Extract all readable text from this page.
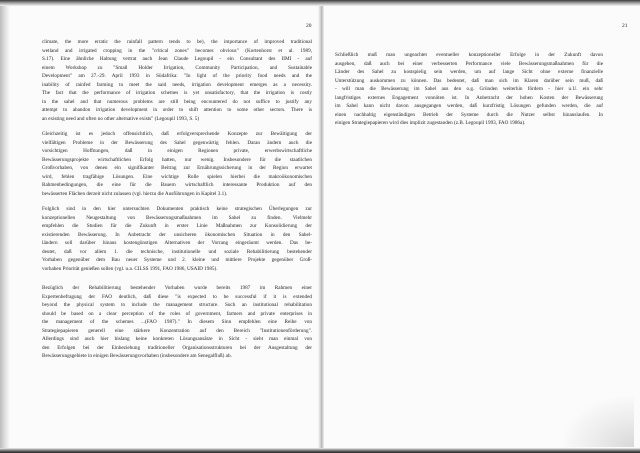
20

climate, the more erratic the rainfall pattern tends to be), the importance of improved traditional
wetland and irrigated cropping in the "critical zones" becomes obvious" (Kortenhorst et al. 1989,
S.17). Eine ähnliche Haltung vertrat auch Jean Claude Legoupil - ein Consultant des IIMI - auf
einem Workshop zu "Small Holder Irrigation, Community Participation, and Sustainable
Development" am 27.-29. April 1993 in Südafrika: "In light of the priority food needs and the
inability of rainfed farming to meet the said needs, irrigation development emerges as a necessity.
The fact that the performance of irrigation schemes is yet unsatisfactory, that the irrigation is costly
in the sahel and that numerous problems are still being encountered do not suffice to justify any
attempt to abandon irrigation development in order to shift attention to some other sectors. There is
an existing need and often no other alternative exists" (Legoupil 1993, S. 5)

Gleichzeitig ist es jedoch offensichtlich, daß erfolgversprechende Konzepte zur Bewältigung der
vielfältigen Probleme in der Bewässerung des Sahel gegenwärtig fehlen. Daran ändern auch die
vorsichtigen Hoffnungen, daß in einigen Regionen private, erwerbswirtschaftliche
Bewässerungsprojekte wirtschaftlichen Erfolg hatten, nur wenig. Insbesondere für die staatlichen
Großvorhaben, von denen ein signifikanter Beitrag zur Ernährungssicherung in der Region erwartet
wird, fehlen tragfähige Lösungen. Eine wichtige Rolle spielen hierbei die makroökonomischen
Rahmenbedingungen, die eine für die Bauern wirtschaftlich interessante Produktion auf den
bewässerten Flächen derzeit nicht zulassen (vgl. hierzu die Ausführungen in Kapitel 3.1).

Folglich sind in den hier untersuchten Dokumenten praktisch keine strategischen Überlegungen zur
konzeptionellen Neugestaltung von Bewässerungsmaßnahmen im Sahel zu finden. Vielmehr
empfehlen die Studien für die Zukunft in erster Linie Maßnahmen zur Konsolidierung der
existierenden Bewässerung. In Anbetracht der unsicheren ökonomischen Situation in den Sahel-
ländern soll darüber hinaus kostengünstigen Alternativen der Vorrang eingeräumt werden. Das be-
deutet, daß vor allem 1. die technische, institutionelle und soziale Rehabilitierung bestehender
Vorhaben gegenüber dem Bau neuer Systeme und 2. kleine und mittlere Projekte gegenüber Groß-
vorhaben Priorität genießen sollen (vgl. u.a. CILSS 1991, FAO 1986, USAID 1985).

Bezüglich der Rehabilitierung bestehender Vorhaben wurde bereits 1987 im Rahmen einer
Expertenbefragung der FAO deutlich, daß diese "is expected to be successful if it is extended
beyond the physical system to include the management structure. Such an institutional rehabilitation
should be based on a clear perception of the roles of government, farmers and private enterprises in
the management of the schemes ...(FAO 1987)." In diesem Sinn empfehlen eine Reihe von
Strategiepapieren generell eine stärkere Konzentration auf den Bereich "Institutionenförderung".
Allerdings sind auch hier bislang keine konkreten Lösungsansätze in Sicht - sieht man einmal von
den Erfolgen bei der Einbeziehung traditioneller Organisationsstrukturen bei der Ausgestaltung der
Bewässerungsgebiete in einigen Bewässerungsvorhaben (insbesondere am Senegalfluß) ab.

21

Schließlich muß man ungeachtet eventueller konzeptioneller Erfolge in der Zukunft davon
ausgehen, daß auch bei einer verbesserten Performance viele Bewässerungsmaßnahmen für die
Länder des Sahel zu kostspielig sein werden, um auf lange Sicht ohne externe finanzielle
Unterstützung auskommen zu können. Das bedeutet, daß man sich im Klaren darüber sein muß, daß
- will man die Bewässerung im Sahel aus den o.g. Gründen weiterhin fördern - hier u.U. ein sehr
langfristiges externes Engagement vonnöten ist. In Anbetracht der hohen Kosten der Bewässerung
im Sahel kann nicht davon ausgegangen werden, daß kurzfristig Lösungen gefunden werden, die auf
einen nachhaltig eigenständigen Betrieb der Systeme durch die Nutzer selbst hinauslaufen. In
einigen Strategiepapieren wird dies implizit zugestanden (z.B. Legoupil 1993, FAO 1986a).
